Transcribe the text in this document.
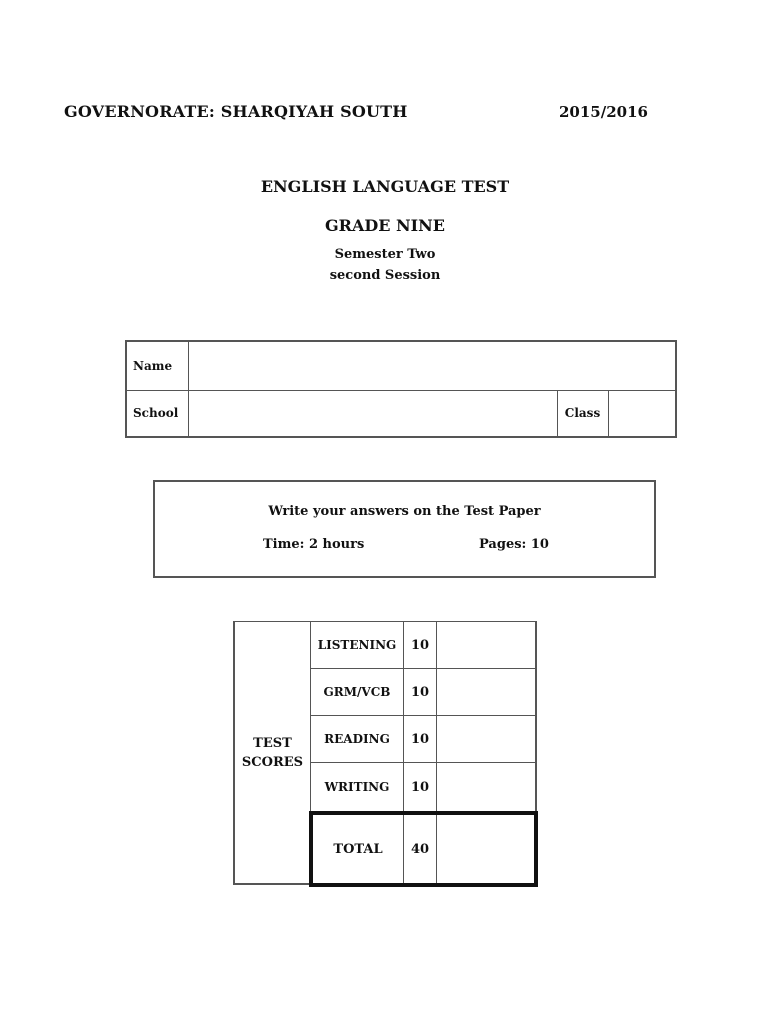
GOVERNORATE: SHARQIYAH SOUTH	2015/2016
ENGLISH LANGUAGE TEST
GRADE NINE
Semester Two
second Session
Name
School	Class
Write your answers on the Test Paper
Time: 2 hours	Pages: 10
TEST
SCORES
LISTENING	10
GRM/VCB	10
READING	10
WRITING	10
TOTAL	40
